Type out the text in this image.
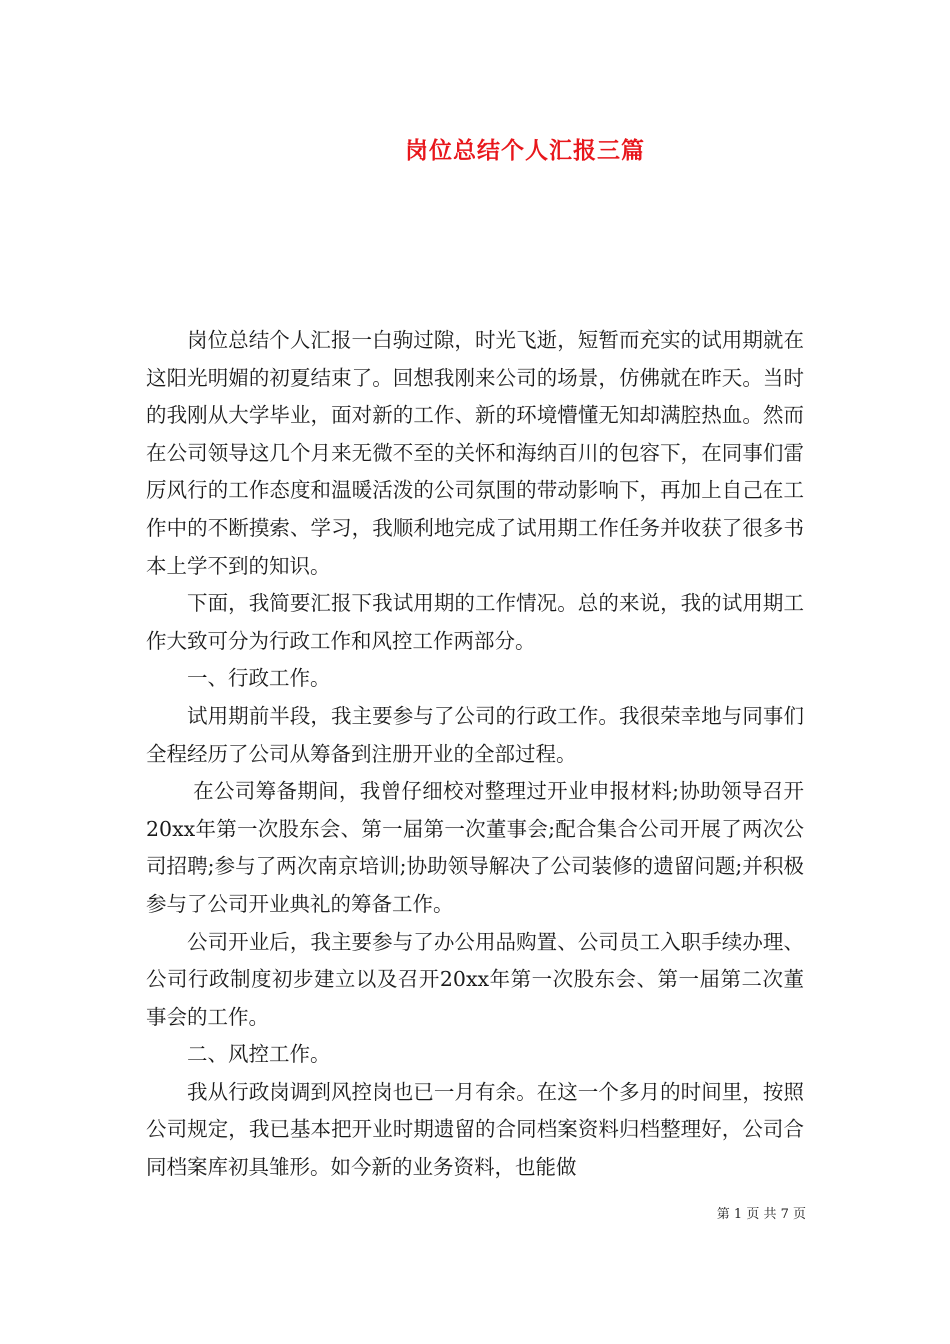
岗位总结个人汇报三篇

岗位总结个人汇报一白驹过隙，时光飞逝，短暂而充实的试用期就在这阳光明媚的初夏结束了。回想我刚来公司的场景，仿佛就在昨天。当时的我刚从大学毕业，面对新的工作、新的环境懵懂无知却满腔热血。然而在公司领导这几个月来无微不至的关怀和海纳百川的包容下，在同事们雷厉风行的工作态度和温暖活泼的公司氛围的带动影响下，再加上自己在工作中的不断摸索、学习，我顺利地完成了试用期工作任务并收获了很多书本上学不到的知识。

下面，我简要汇报下我试用期的工作情况。总的来说，我的试用期工作大致可分为行政工作和风控工作两部分。

一、行政工作。

试用期前半段，我主要参与了公司的行政工作。我很荣幸地与同事们全程经历了公司从筹备到注册开业的全部过程。

在公司筹备期间，我曾仔细校对整理过开业申报材料;协助领导召开20xx年第一次股东会、第一届第一次董事会;配合集合公司开展了两次公司招聘;参与了两次南京培训;协助领导解决了公司装修的遗留问题;并积极参与了公司开业典礼的筹备工作。

公司开业后，我主要参与了办公用品购置、公司员工入职手续办理、公司行政制度初步建立以及召开20xx年第一次股东会、第一届第二次董事会的工作。

二、风控工作。

我从行政岗调到风控岗也已一月有余。在这一个多月的时间里，按照公司规定，我已基本把开业时期遗留的合同档案资料归档整理好，公司合同档案库初具雏形。如今新的业务资料，也能做

第 1 页 共 7 页
